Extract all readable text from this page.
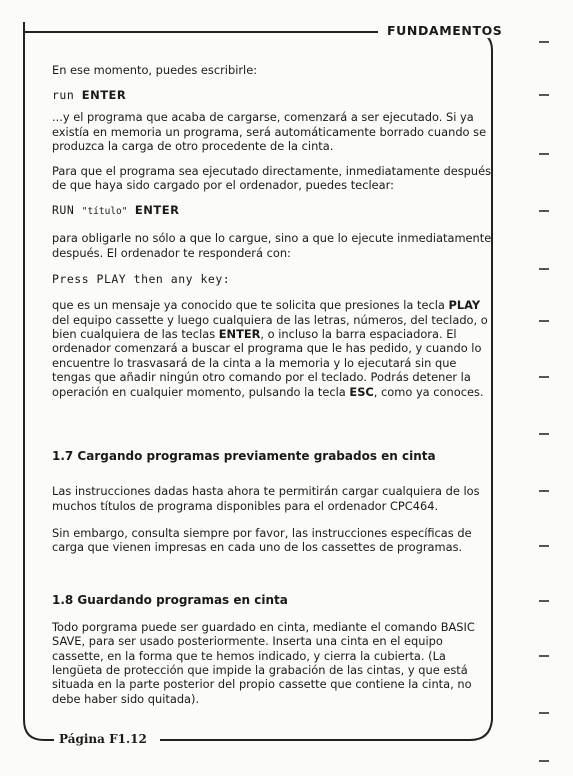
FUNDAMENTOS

En ese momento, puedes escribirle:

run ENTER

...y el programa que acaba de cargarse, comenzará a ser ejecutado. Si ya existía en memoria un programa, será automáticamente borrado cuando se produzca la carga de otro procedente de la cinta.

Para que el programa sea ejecutado directamente, inmediatamente después de que haya sido cargado por el ordenador, puedes teclear:

RUN "título" ENTER

para obligarle no sólo a que lo cargue, sino a que lo ejecute inmediatamente después. El ordenador te responderá con:

Press PLAY then any key:

que es un mensaje ya conocido que te solicita que presiones la tecla PLAY del equipo cassette y luego cualquiera de las letras, números, del teclado, o bien cualquiera de las teclas ENTER, o incluso la barra espaciadora. El ordenador comenzará a buscar el programa que le has pedido, y cuando lo encuentre lo trasvasará de la cinta a la memoria y lo ejecutará sin que tengas que añadir ningún otro comando por el teclado. Podrás detener la operación en cualquier momento, pulsando la tecla ESC, como ya conoces.

1.7 Cargando programas previamente grabados en cinta

Las instrucciones dadas hasta ahora te permitirán cargar cualquiera de los muchos títulos de programa disponibles para el ordenador CPC464.

Sin embargo, consulta siempre por favor, las instrucciones específicas de carga que vienen impresas en cada uno de los cassettes de programas.

1.8 Guardando programas en cinta

Todo porgrama puede ser guardado en cinta, mediante el comando BASIC SAVE, para ser usado posteriormente. Inserta una cinta en el equipo cassette, en la forma que te hemos indicado, y cierra la cubierta. (La lengüeta de protección que impide la grabación de las cintas, y que está situada en la parte posterior del propio cassette que contiene la cinta, no debe haber sido quitada).

Página F1.12
